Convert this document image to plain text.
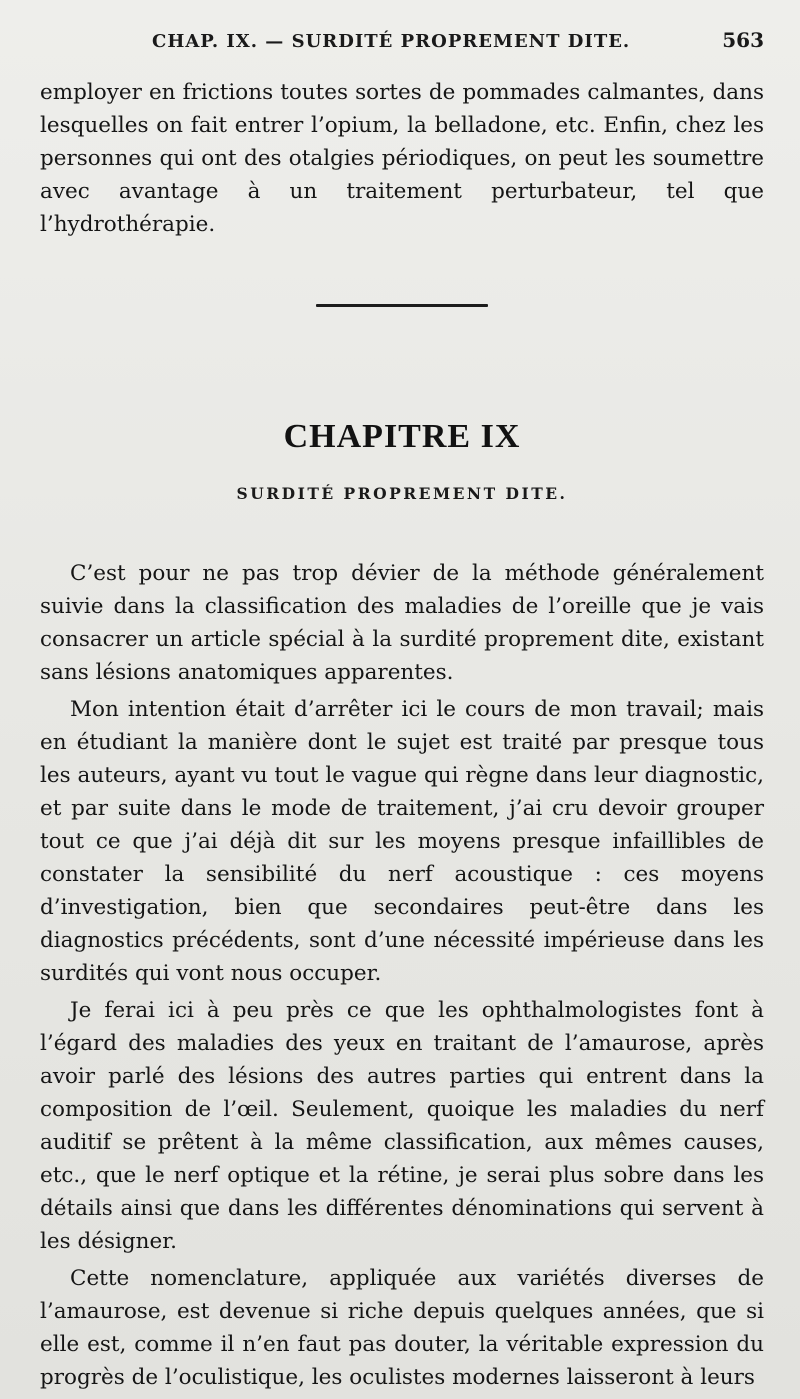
CHAP. IX. — SURDITÉ PROPREMENT DITE.	563

employer en frictions toutes sortes de pommades calmantes, dans lesquelles on fait entrer l’opium, la belladone, etc. Enfin, chez les personnes qui ont des otalgies périodiques, on peut les soumettre avec avantage à un traitement perturbateur, tel que l’hydrothérapie.

CHAPITRE IX
SURDITÉ PROPREMENT DITE.

C’est pour ne pas trop dévier de la méthode généralement suivie dans la classification des maladies de l’oreille que je vais consacrer un article spécial à la surdité proprement dite, existant sans lésions anatomiques apparentes.

Mon intention était d’arrêter ici le cours de mon travail; mais en étudiant la manière dont le sujet est traité par presque tous les auteurs, ayant vu tout le vague qui règne dans leur diagnostic, et par suite dans le mode de traitement, j’ai cru devoir grouper tout ce que j’ai déjà dit sur les moyens presque infaillibles de constater la sensibilité du nerf acoustique : ces moyens d’investigation, bien que secondaires peut-être dans les diagnostics précédents, sont d’une nécessité impérieuse dans les surdités qui vont nous occuper.

Je ferai ici à peu près ce que les ophthalmologistes font à l’égard des maladies des yeux en traitant de l’amaurose, après avoir parlé des lésions des autres parties qui entrent dans la composition de l’œil. Seulement, quoique les maladies du nerf auditif se prêtent à la même classification, aux mêmes causes, etc., que le nerf optique et la rétine, je serai plus sobre dans les détails ainsi que dans les différentes dénominations qui servent à les désigner.

Cette nomenclature, appliquée aux variétés diverses de l’amaurose, est devenue si riche depuis quelques années, que si elle est, comme il n’en faut pas douter, la véritable expression du progrès de l’oculistique, les oculistes modernes laisseront à leurs
